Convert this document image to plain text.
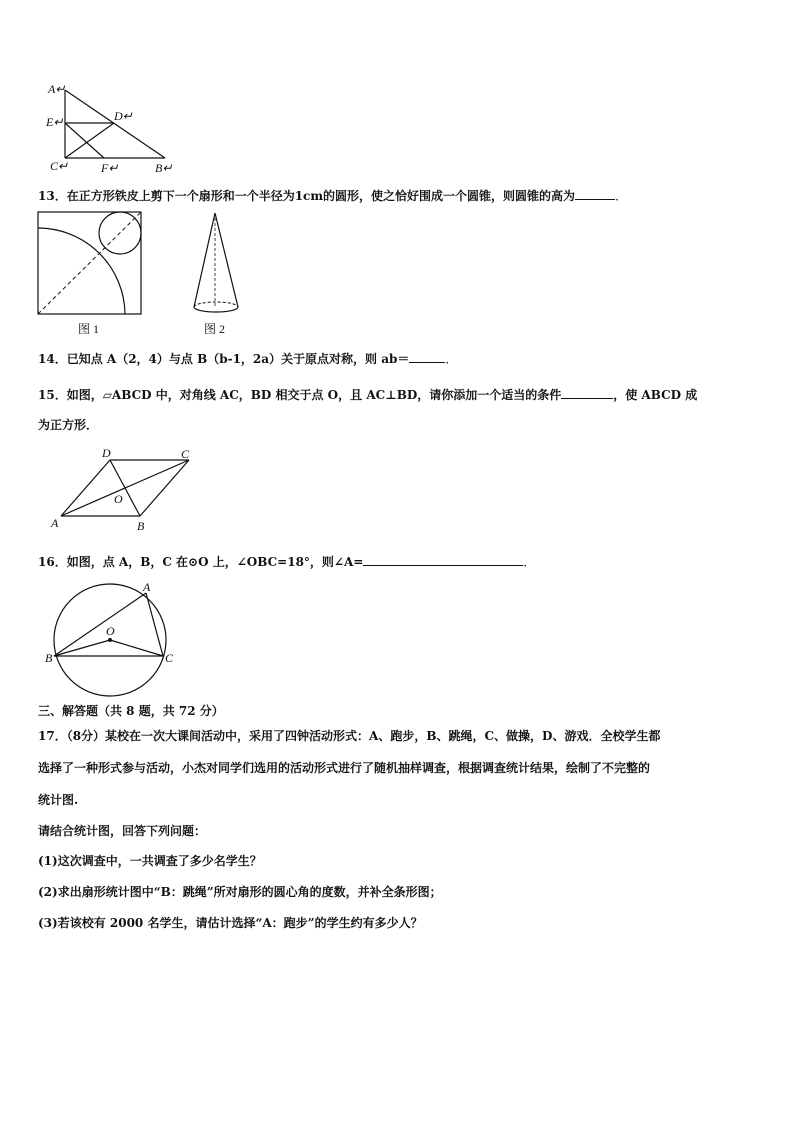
A↵
E↵	D↵
C↵	F↵	B↵
13．在正方形铁皮上剪下一个扇形和一个半径为1cm的圆形，使之恰好围成一个圆锥，则圆锥的高为	．
图 1	图 2
14．已知点 A（2，4）与点 B（b-1，2a）关于原点对称，则 ab＝	．
15．如图，▱ABCD 中，对角线 AC，BD 相交于点 O，且 AC⊥BD，请你添加一个适当的条件	，使 ABCD 成
为正方形．
D	C
O
A	B
16．如图，点 A，B，C 在⊙O 上，∠OBC=18°，则∠A=	．
A
O
B	C
三、解答题（共 8 题，共 72 分）
17．（8分）某校在一次大课间活动中，采用了四钟活动形式：A、跑步，B、跳绳，C、做操，D、游戏．全校学生都
选择了一种形式参与活动，小杰对同学们选用的活动形式进行了随机抽样调查，根据调查统计结果，绘制了不完整的
统计图.
请结合统计图，回答下列问题：
(1)这次调查中，一共调查了多少名学生？
(2)求出扇形统计图中“B：跳绳”所对扇形的圆心角的度数，并补全条形图；
(3)若该校有 2000 名学生，请估计选择“A：跑步”的学生约有多少人？
